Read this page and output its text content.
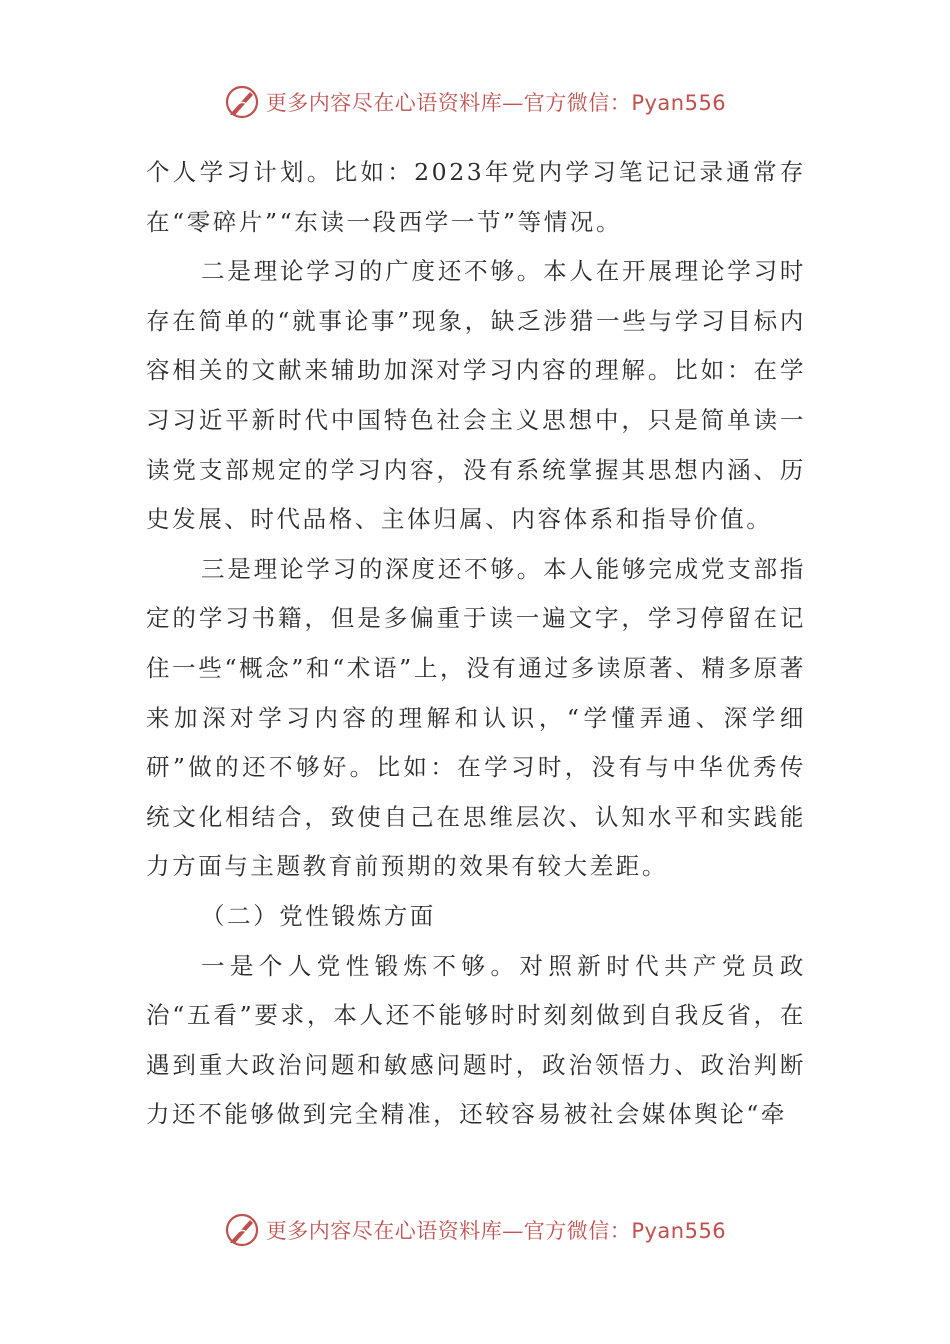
更多内容尽在心语资料库—官方微信：Pyan556

个人学习计划。比如：2023年党内学习笔记记录通常存在“零碎片”“东读一段西学一节”等情况。

二是理论学习的广度还不够。本人在开展理论学习时存在简单的“就事论事”现象，缺乏涉猎一些与学习目标内容相关的文献来辅助加深对学习内容的理解。比如：在学习习近平新时代中国特色社会主义思想中，只是简单读一读党支部规定的学习内容，没有系统掌握其思想内涵、历史发展、时代品格、主体归属、内容体系和指导价值。

三是理论学习的深度还不够。本人能够完成党支部指定的学习书籍，但是多偏重于读一遍文字，学习停留在记住一些“概念”和“术语”上，没有通过多读原著、精多原著来加深对学习内容的理解和认识，“学懂弄通、深学细研”做的还不够好。比如：在学习时，没有与中华优秀传统文化相结合，致使自己在思维层次、认知水平和实践能力方面与主题教育前预期的效果有较大差距。

（二）党性锻炼方面

一是个人党性锻炼不够。对照新时代共产党员政治“五看”要求，本人还不能够时时刻刻做到自我反省，在遇到重大政治问题和敏感问题时，政治领悟力、政治判断力还不能够做到完全精准，还较容易被社会媒体舆论“牵

更多内容尽在心语资料库—官方微信：Pyan556
